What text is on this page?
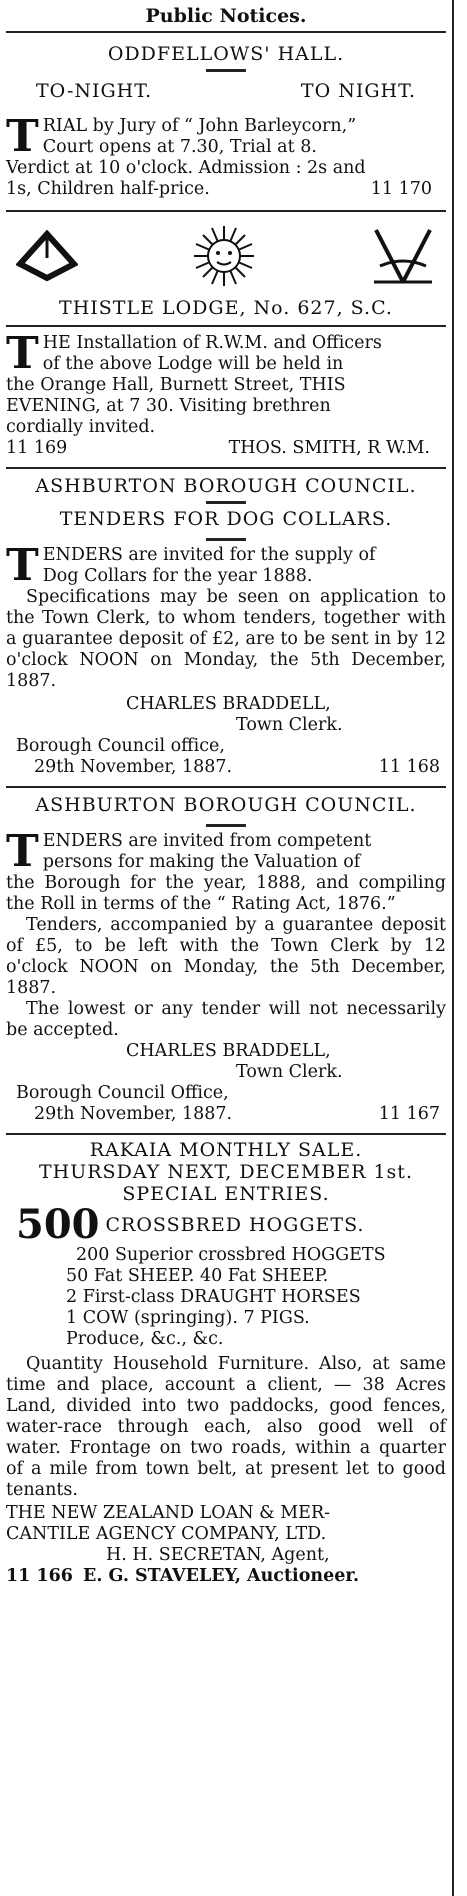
Public Notices.
ODDFELLOWS' HALL.
TO-NIGHT.	TO NIGHT.
T RIAL by Jury of “ John Barleycorn,”
Court opens at 7.30, Trial at 8.
Verdict at 10 o'clock. Admission : 2s and
1s, Children half-price.	11 170
THISTLE LODGE, No. 627, S.C.
T HE Installation of R.W.M. and Officers
of the above Lodge will be held in
the Orange Hall, Burnett Street, THIS
EVENING, at 7 30. Visiting brethren
cordially invited.
11 169	THOS. SMITH, R W.M.
ASHBURTON BOROUGH COUNCIL.
TENDERS FOR DOG COLLARS.
T ENDERS are invited for the supply of
Dog Collars for the year 1888.
Specifications may be seen on application to the Town Clerk, to whom tenders, together with a guarantee deposit of £2, are to be sent in by 12 o'clock NOON on Monday, the 5th December, 1887.
CHARLES BRADDELL,
Town Clerk.
Borough Council office,
29th November, 1887.	11 168
ASHBURTON BOROUGH COUNCIL.
T ENDERS are invited from competent
persons for making the Valuation of
the Borough for the year, 1888, and compiling the Roll in terms of the “ Rating Act, 1876.”
Tenders, accompanied by a guarantee deposit of £5, to be left with the Town Clerk by 12 o'clock NOON on Monday, the 5th December, 1887.
The lowest or any tender will not necessarily be accepted.
CHARLES BRADDELL,
Town Clerk.
Borough Council Office,
29th November, 1887.	11 167
RAKAIA MONTHLY SALE.
THURSDAY NEXT, DECEMBER 1st.
SPECIAL ENTRIES.
500 CROSSBRED HOGGETS.
200 Superior crossbred HOGGETS
50 Fat SHEEP. 40 Fat SHEEP.
2 First-class DRAUGHT HORSES
1 COW (springing). 7 PIGS.
Produce, &c., &c.
Quantity Household Furniture. Also, at same time and place, account a client, — 38 Acres Land, divided into two paddocks, good fences, water-race through each, also good well of water. Frontage on two roads, within a quarter of a mile from town belt, at present let to good tenants.
THE NEW ZEALAND LOAN & MER-
CANTILE AGENCY COMPANY, LTD.
H. H. SECRETAN, Agent,
11 166 E. G. STAVELEY, Auctioneer.
